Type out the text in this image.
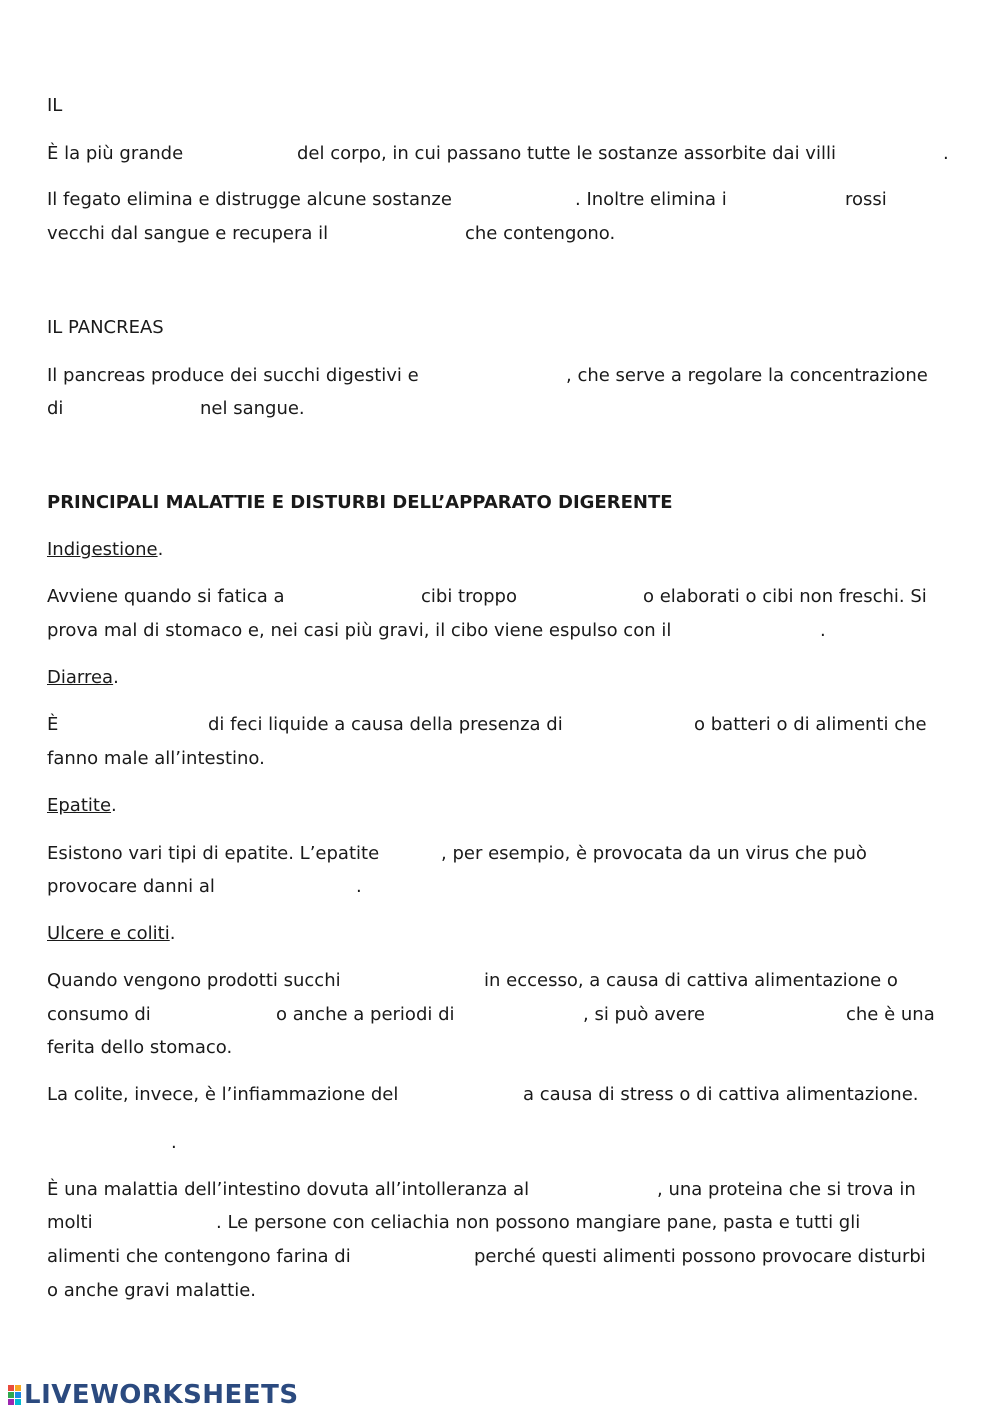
IL
È la più grande	del corpo, in cui passano tutte le sostanze assorbite dai villi	.
Il fegato elimina e distrugge alcune sostanze	. Inoltre elimina i	rossi
vecchi dal sangue e recupera il	che contengono.
IL PANCREAS
Il pancreas produce dei succhi digestivi e	, che serve a regolare la concentrazione
di	nel sangue.
PRINCIPALI MALATTIE E DISTURBI DELL’APPARATO DIGERENTE
Indigestione.
Avviene quando si fatica a	cibi troppo	o elaborati o cibi non freschi. Si
prova mal di stomaco e, nei casi più gravi, il cibo viene espulso con il	.
Diarrea.
È	di feci liquide a causa della presenza di	o batteri o di alimenti che
fanno male all’intestino.
Epatite.
Esistono vari tipi di epatite. L’epatite	, per esempio, è provocata da un virus che può
provocare danni al	.
Ulcere e coliti.
Quando vengono prodotti succhi	in eccesso, a causa di cattiva alimentazione o
consumo di	o anche a periodi di	, si può avere	che è una
ferita dello stomaco.
La colite, invece, è l’infiammazione del	a causa di stress o di cattiva alimentazione.
.
È una malattia dell’intestino dovuta all’intolleranza al	, una proteina che si trova in
molti	. Le persone con celiachia non possono mangiare pane, pasta e tutti gli
alimenti che contengono farina di	perché questi alimenti possono provocare disturbi
o anche gravi malattie.
LIVEWORKSHEETS
